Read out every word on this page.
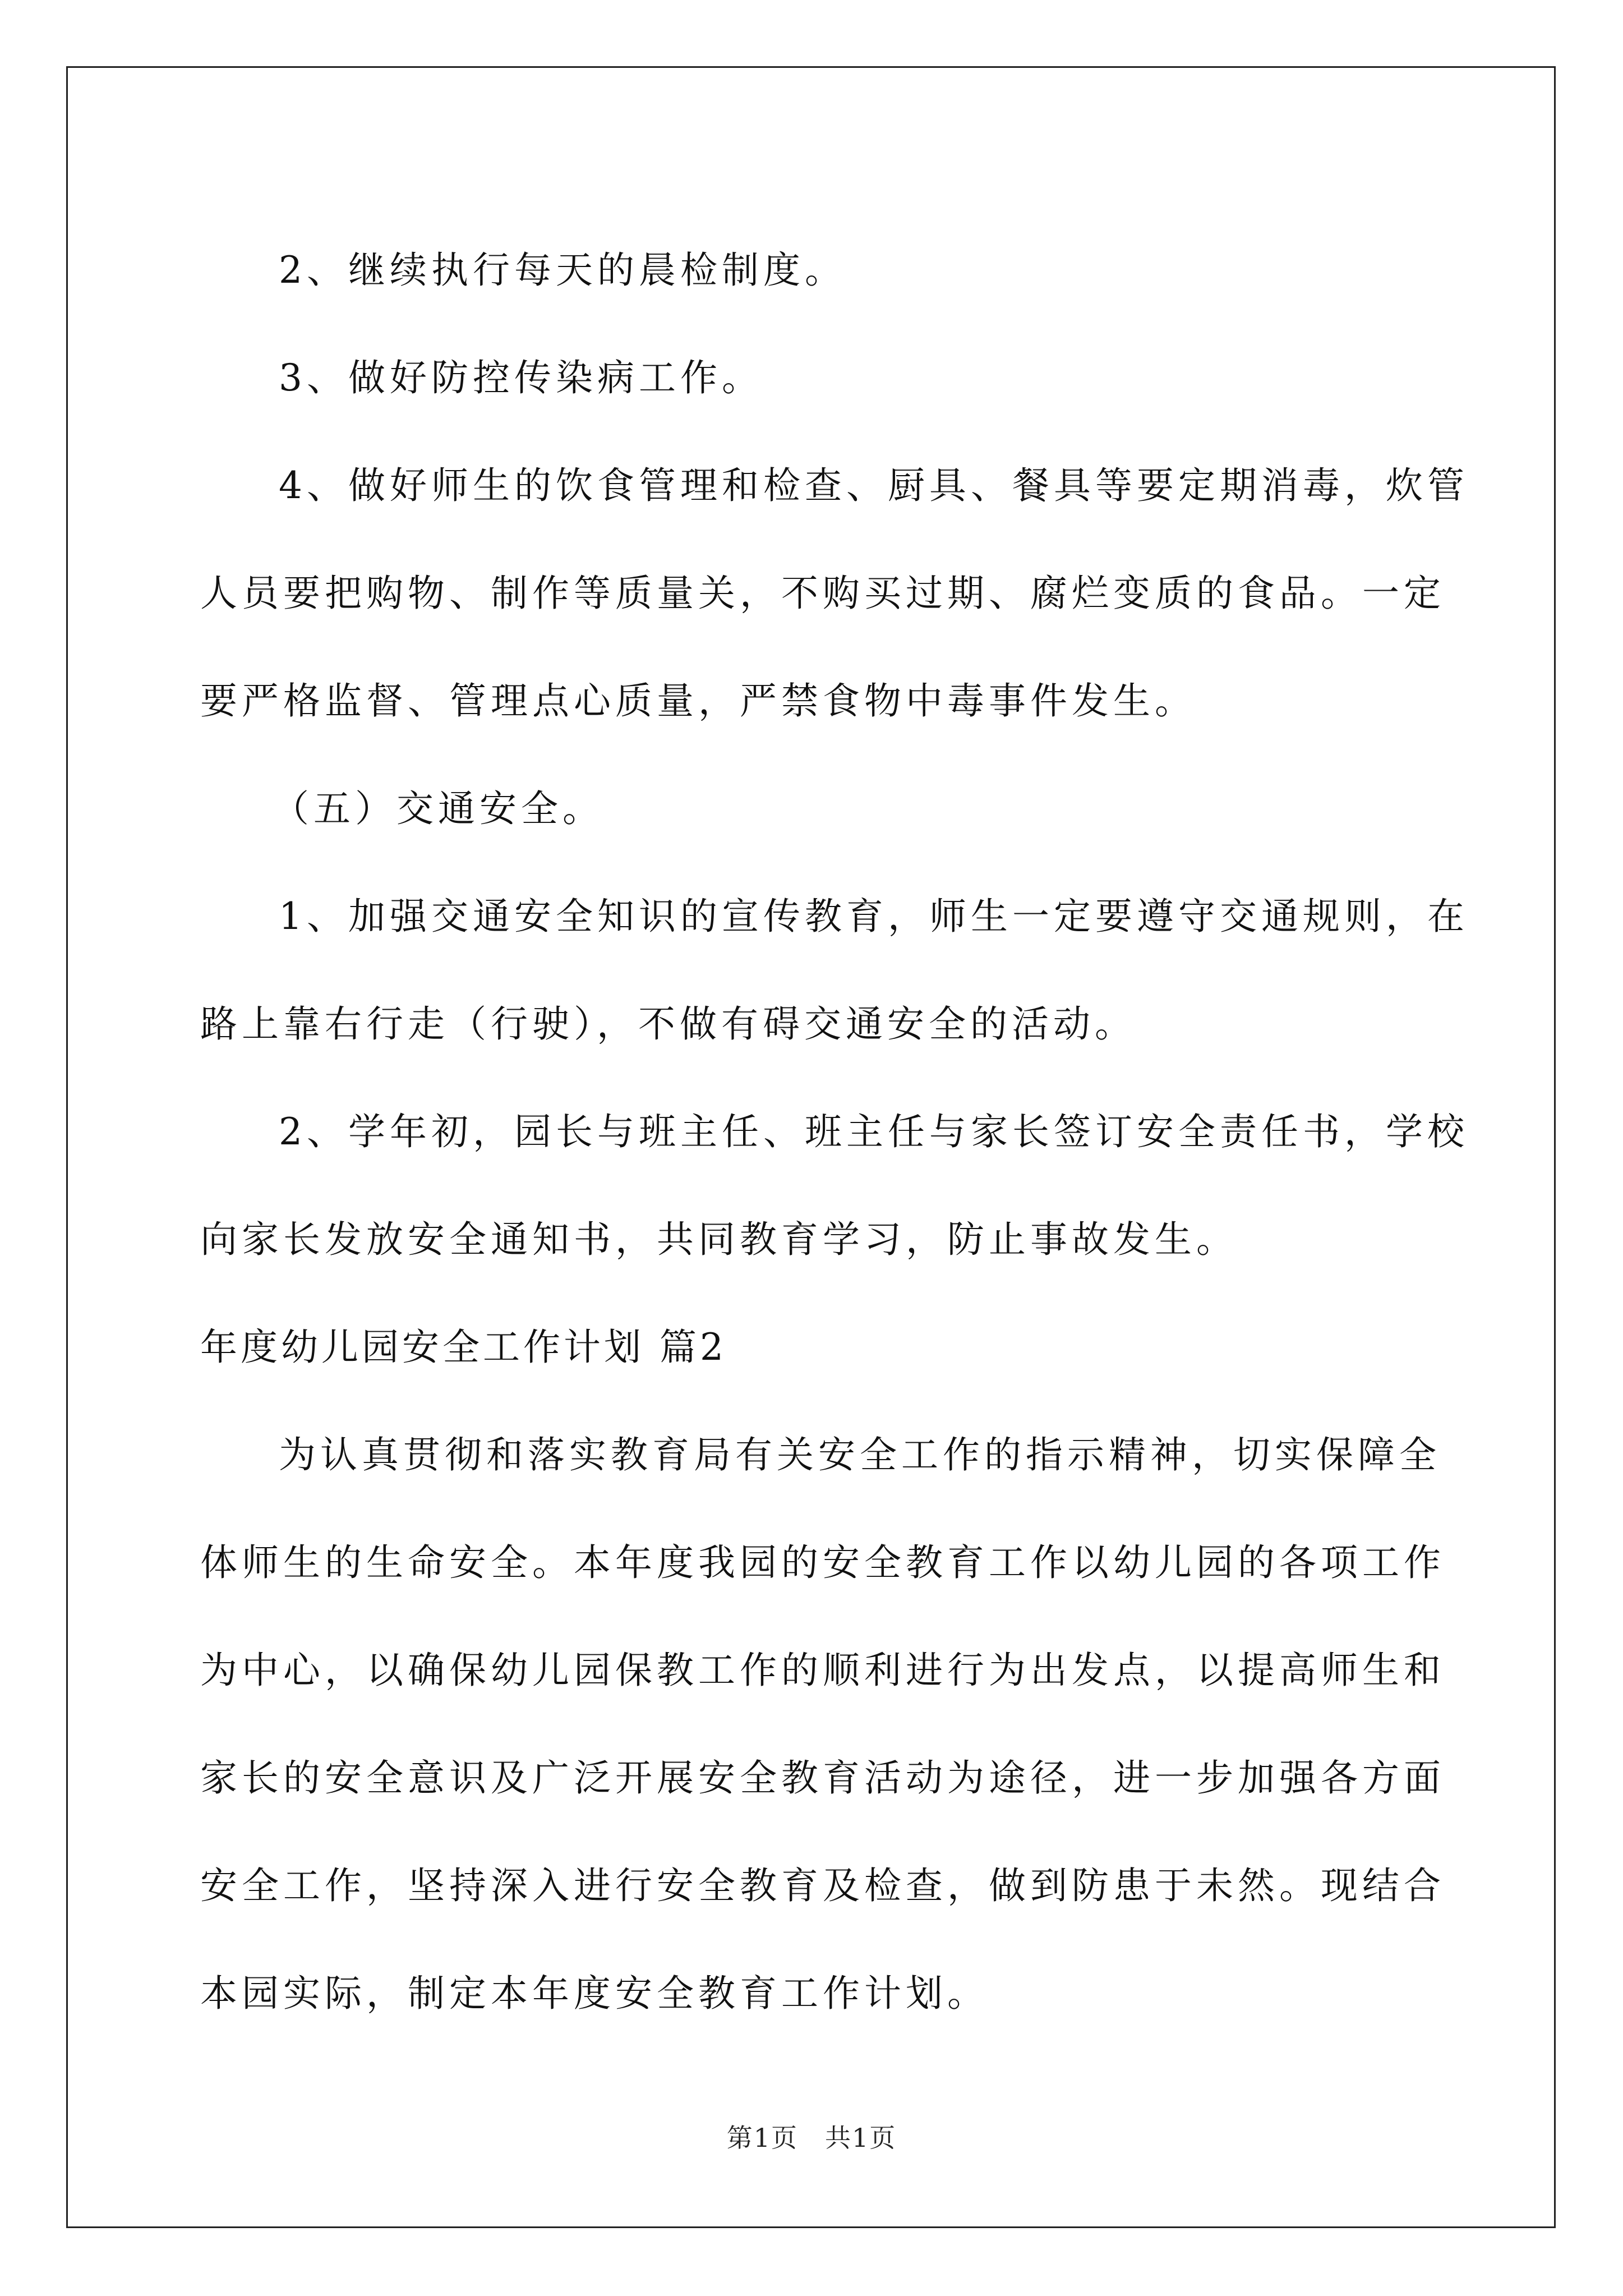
2、继续执行每天的晨检制度。

3、做好防控传染病工作。

4、做好师生的饮食管理和检查、厨具、餐具等要定期消毒，炊管

人员要把购物、制作等质量关，不购买过期、腐烂变质的食品。一定

要严格监督、管理点心质量，严禁食物中毒事件发生。

（五）交通安全。

1、加强交通安全知识的宣传教育，师生一定要遵守交通规则，在

路上靠右行走（行驶），不做有碍交通安全的活动。

2、学年初，园长与班主任、班主任与家长签订安全责任书，学校

向家长发放安全通知书，共同教育学习，防止事故发生。

年度幼儿园安全工作计划 篇2

为认真贯彻和落实教育局有关安全工作的指示精神，切实保障全

体师生的生命安全。本年度我园的安全教育工作以幼儿园的各项工作

为中心，以确保幼儿园保教工作的顺利进行为出发点，以提高师生和

家长的安全意识及广泛开展安全教育活动为途径，进一步加强各方面

安全工作，坚持深入进行安全教育及检查，做到防患于未然。现结合

本园实际，制定本年度安全教育工作计划。

第1页　共1页
